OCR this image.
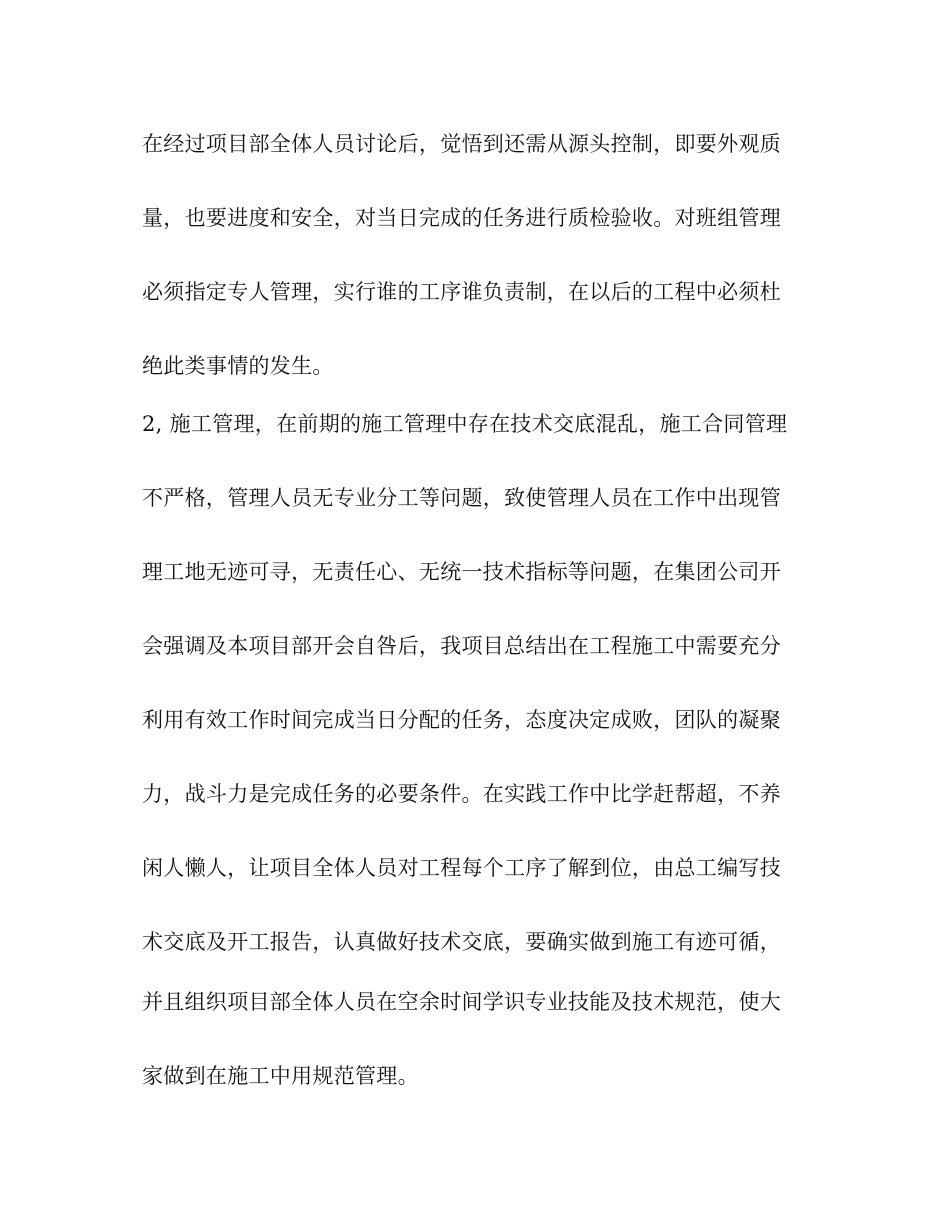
在经过项目部全体人员讨论后，觉悟到还需从源头控制，即要外观质
量，也要进度和安全，对当日完成的任务进行质检验收。对班组管理
必须指定专人管理，实行谁的工序谁负责制，在以后的工程中必须杜
绝此类事情的发生。
2, 施工管理，在前期的施工管理中存在技术交底混乱，施工合同管理
不严格，管理人员无专业分工等问题，致使管理人员在工作中出现管
理工地无迹可寻，无责任心、无统一技术指标等问题，在集团公司开
会强调及本项目部开会自咎后，我项目总结出在工程施工中需要充分
利用有效工作时间完成当日分配的任务，态度决定成败，团队的凝聚
力，战斗力是完成任务的必要条件。在实践工作中比学赶帮超，不养
闲人懒人，让项目全体人员对工程每个工序了解到位，由总工编写技
术交底及开工报告，认真做好技术交底，要确实做到施工有迹可循，
并且组织项目部全体人员在空余时间学识专业技能及技术规范，使大
家做到在施工中用规范管理。
